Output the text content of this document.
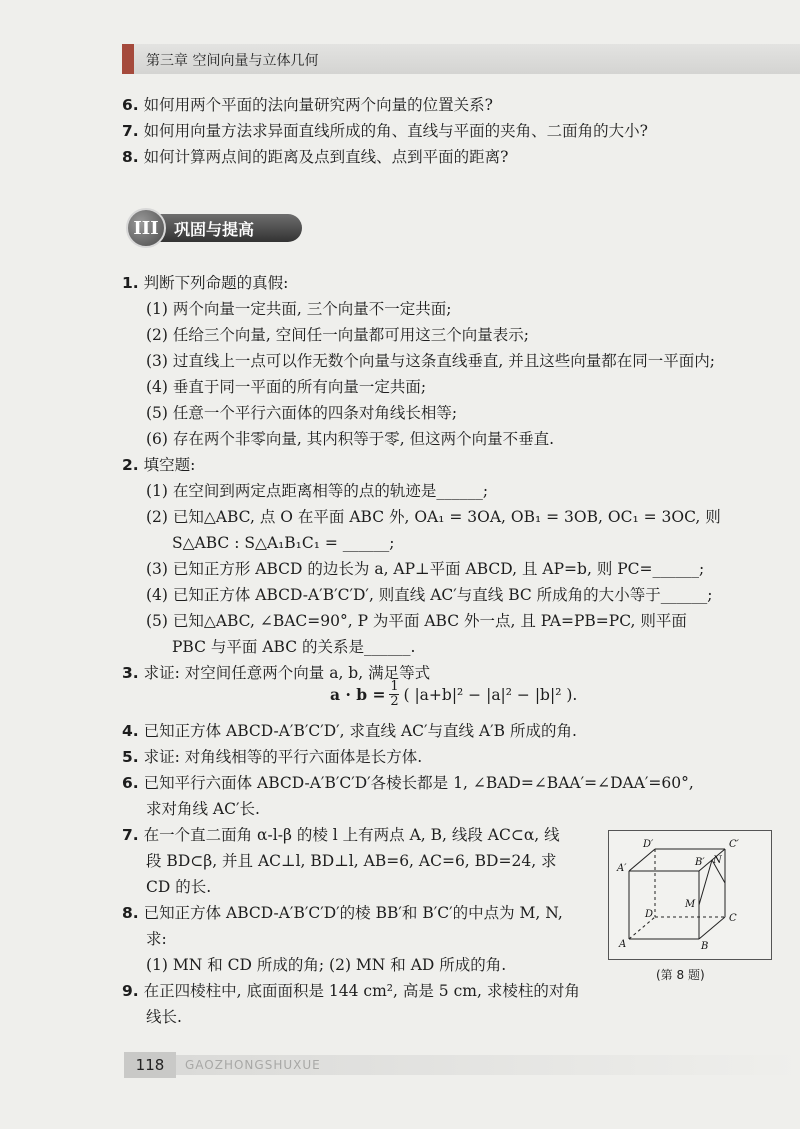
第三章 空间向量与立体几何
6. 如何用两个平面的法向量研究两个向量的位置关系?
7. 如何用向量方法求异面直线所成的角、直线与平面的夹角、二面角的大小?
8. 如何计算两点间的距离及点到直线、点到平面的距离?
巩固与提高
III
1. 判断下列命题的真假:
(1) 两个向量一定共面, 三个向量不一定共面;
(2) 任给三个向量, 空间任一向量都可用这三个向量表示;
(3) 过直线上一点可以作无数个向量与这条直线垂直, 并且这些向量都在同一平面内;
(4) 垂直于同一平面的所有向量一定共面;
(5) 任意一个平行六面体的四条对角线长相等;
(6) 存在两个非零向量, 其内积等于零, 但这两个向量不垂直.
2. 填空题:
(1) 在空间到两定点距离相等的点的轨迹是______;
(2) 已知△ABC, 点 O 在平面 ABC 外, OA₁ = 3OA, OB₁ = 3OB, OC₁ = 3OC, 则
S△ABC : S△A₁B₁C₁ = ______;
(3) 已知正方形 ABCD 的边长为 a, AP⊥平面 ABCD, 且 AP=b, 则 PC=______;
(4) 已知正方体 ABCD-A′B′C′D′, 则直线 AC′与直线 BC 所成角的大小等于______;
(5) 已知△ABC, ∠BAC=90°, P 为平面 ABC 外一点, 且 PA=PB=PC, 则平面
PBC 与平面 ABC 的关系是______.
3. 求证: 对空间任意两个向量 a, b, 满足等式
$a \cdot b = \frac{1}{2}$ ( |a+b|² − |a|² − |b|² ).
4. 已知正方体 ABCD-A′B′C′D′, 求直线 AC′与直线 A′B 所成的角.
5. 求证: 对角线相等的平行六面体是长方体.
6. 已知平行六面体 ABCD-A′B′C′D′各棱长都是 1, ∠BAD=∠BAA′=∠DAA′=60°,
求对角线 AC′长.
7. 在一个直二面角 α-l-β 的棱 l 上有两点 A, B, 线段 AC⊂α, 线
段 BD⊂β, 并且 AC⊥l, BD⊥l, AB=6, AC=6, BD=24, 求
CD 的长.
8. 已知正方体 ABCD-A′B′C′D′的棱 BB′和 B′C′的中点为 M, N,
求:
(1) MN 和 CD 所成的角; (2) MN 和 AD 所成的角.
9. 在正四棱柱中, 底面面积是 144 cm², 高是 5 cm, 求棱柱的对角
线长.
D′	C′
A′
B′ N
M
D	C
A	B
(第 8 题)
118	GAOZHONGSHUXUE
